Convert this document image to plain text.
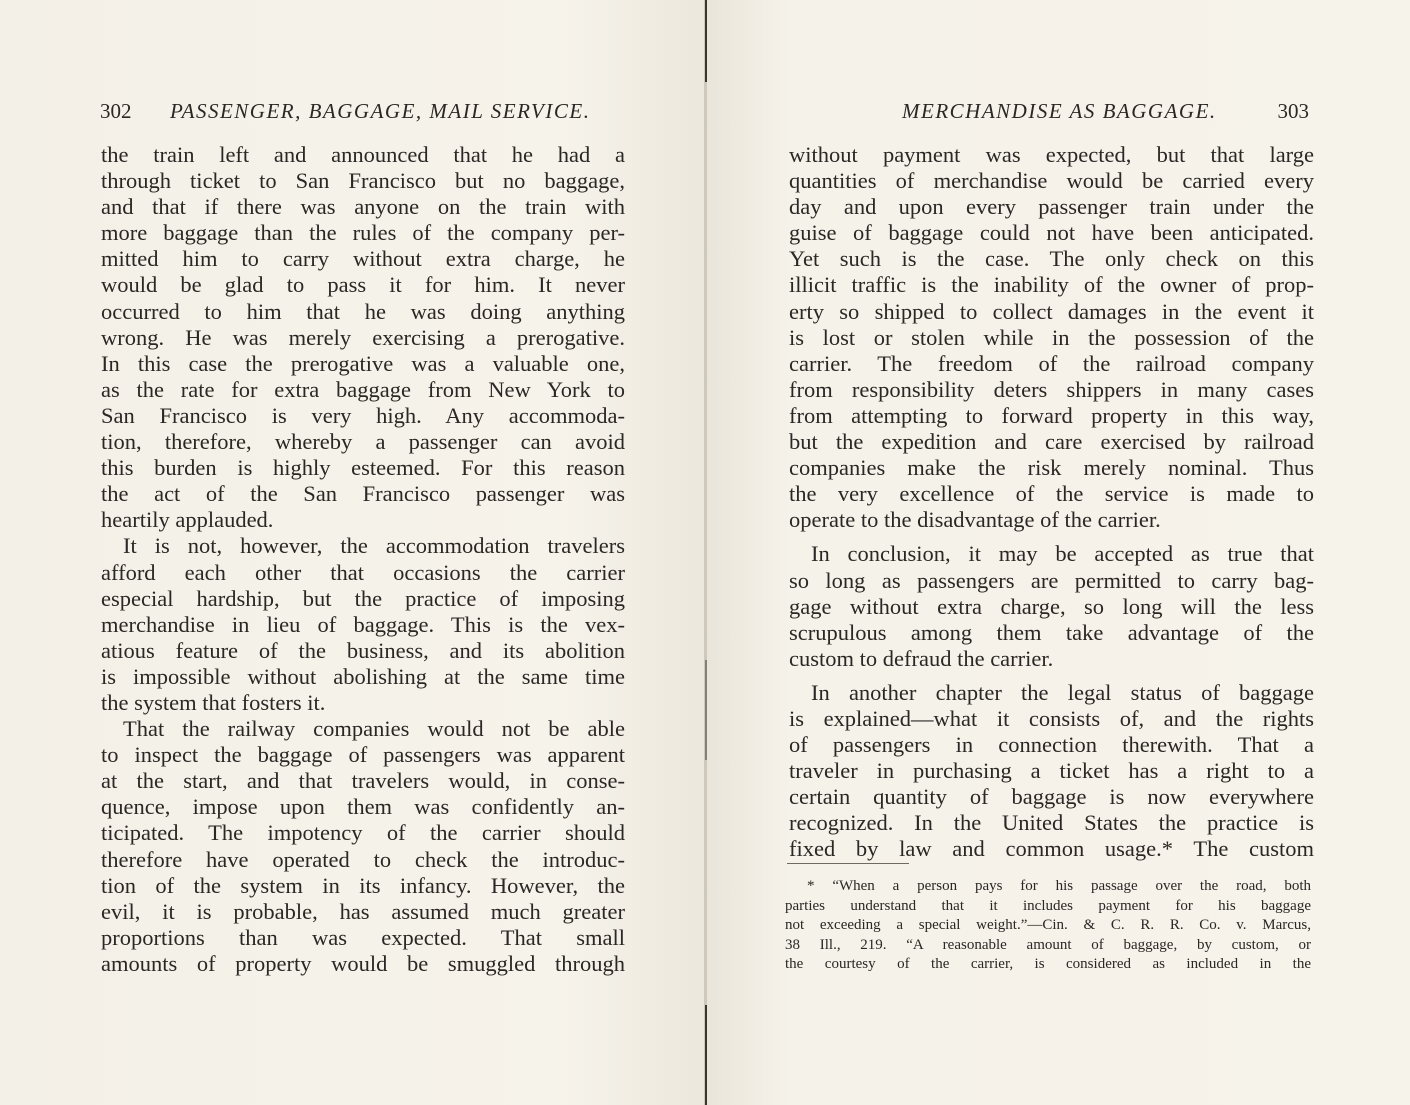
302 PASSENGER, BAGGAGE, MAIL SERVICE.
the train left and announced that he had a
through ticket to San Francisco but no baggage,
and that if there was anyone on the train with
more baggage than the rules of the company per-
mitted him to carry without extra charge, he
would be glad to pass it for him. It never
occurred to him that he was doing anything
wrong. He was merely exercising a prerogative.
In this case the prerogative was a valuable one,
as the rate for extra baggage from New York to
San Francisco is very high. Any accommoda-
tion, therefore, whereby a passenger can avoid
this burden is highly esteemed. For this reason
the act of the San Francisco passenger was
heartily applauded.
It is not, however, the accommodation travelers
afford each other that occasions the carrier
especial hardship, but the practice of imposing
merchandise in lieu of baggage. This is the vex-
atious feature of the business, and its abolition
is impossible without abolishing at the same time
the system that fosters it.
That the railway companies would not be able
to inspect the baggage of passengers was apparent
at the start, and that travelers would, in conse-
quence, impose upon them was confidently an-
ticipated. The impotency of the carrier should
therefore have operated to check the introduc-
tion of the system in its infancy. However, the
evil, it is probable, has assumed much greater
proportions than was expected. That small
amounts of property would be smuggled through
MERCHANDISE AS BAGGAGE.	303
without payment was expected, but that large
quantities of merchandise would be carried every
day and upon every passenger train under the
guise of baggage could not have been anticipated.
Yet such is the case. The only check on this
illicit traffic is the inability of the owner of prop-
erty so shipped to collect damages in the event it
is lost or stolen while in the possession of the
carrier. The freedom of the railroad company
from responsibility deters shippers in many cases
from attempting to forward property in this way,
but the expedition and care exercised by railroad
companies make the risk merely nominal. Thus
the very excellence of the service is made to
operate to the disadvantage of the carrier.
In conclusion, it may be accepted as true that
so long as passengers are permitted to carry bag-
gage without extra charge, so long will the less
scrupulous among them take advantage of the
custom to defraud the carrier.
In another chapter the legal status of baggage
is explained—what it consists of, and the rights
of passengers in connection therewith. That a
traveler in purchasing a ticket has a right to a
certain quantity of baggage is now everywhere
recognized. In the United States the practice is
fixed by law and common usage.* The custom
* “When a person pays for his passage over the road, both
parties understand that it includes payment for his baggage
not exceeding a special weight.”—Cin. & C. R. R. Co. v. Marcus,
38 Ill., 219. “A reasonable amount of baggage, by custom, or
the courtesy of the carrier, is considered as included in the
